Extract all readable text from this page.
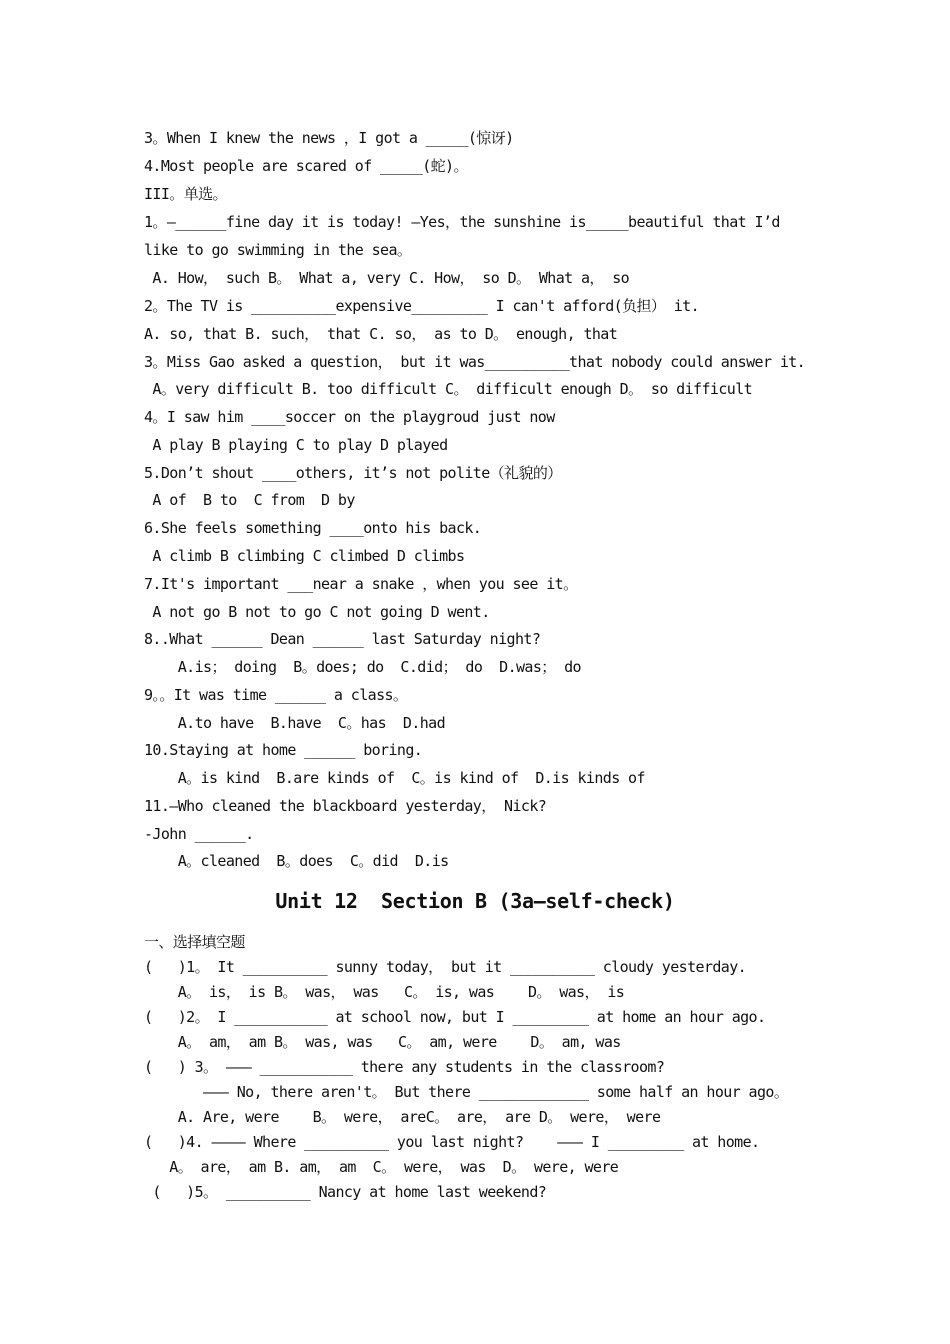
3。When I knew the news ，I got a _____(惊讶)
4.Most people are scared of _____(蛇)。
III。单选。
1。—______fine day it is today! —Yes，the sunshine is_____beautiful that I’d
like to go swimming in the sea。
A. How， such B。 What a, very C. How， so D。 What a， so
2。The TV is __________expensive_________ I can't afford(负担） it.
A. so, that B. such， that C. so， as to D。 enough, that
3。Miss Gao asked a question， but it was__________that nobody could answer it.
A。very difficult B. too difficult C。 difficult enough D。 so difficult
4。I saw him ____soccer on the playgroud just now
A play B playing C to play D played
5.Don’t shout ____others, it’s not polite（礼貌的）
A of  B to  C from  D by
6.She feels something ____onto his back.
A climb B climbing C climbed D climbs
7.It's important ___near a snake ，when you see it。
A not go B not to go C not going D went.
8..What ______ Dean ______ last Saturday night?
A.is； doing  B。does; do  C.did； do  D.was； do
9。。It was time ______ a class。
A.to have  B.have  C。has  D.had
10.Staying at home ______ boring.
A。is kind  B.are kinds of  C。is kind of  D.is kinds of
11.—Who cleaned the blackboard yesterday， Nick?
-John ______.
A。cleaned  B。does  C。did  D.is
Unit 12  Section B (3a—self-check)
一、选择填空题
(   )1。 It __________ sunny today， but it __________ cloudy yesterday.
A。 is， is B。 was， was   C。 is, was    D。 was， is
(   )2。 I ___________ at school now, but I _________ at home an hour ago.
A。 am， am B。 was, was   C。 am, were    D。 am, was
(   ) 3。 ——— ___________ there any students in the classroom?
——— No, there aren't。 But there _____________ some half an hour ago。
A. Are, were    B。 were， areC。 are， are D。 were， were
(   )4. ———— Where __________ you last night?    ——— I _________ at home.
A。 are， am B. am， am  C。 were， was  D。 were, were
(   )5。 __________ Nancy at home last weekend?
